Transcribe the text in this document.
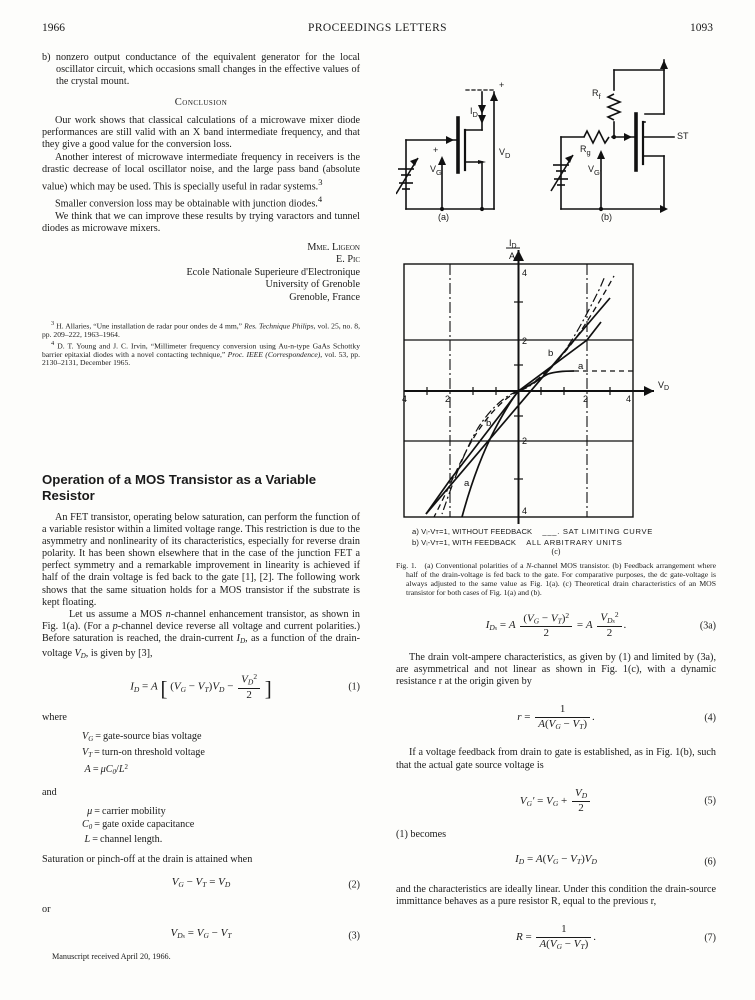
1966	PROCEEDINGS LETTERS	1093

b) nonzero output conductance of the equivalent generator for the local oscillator circuit, which occasions small changes in the effective values of the crystal mount.

Conclusion

Our work shows that classical calculations of a microwave mixer diode performances are still valid with an X band intermediate frequency, and that they give a good value for the conversion loss.

Another interest of microwave intermediate frequency in receivers is the drastic decrease of local oscillator noise, and the large pass band (absolute value) which may be used. This is specially useful in radar systems.$^3$

Smaller conversion loss may be obtainable with junction diodes.$^4$

We think that we can improve these results by trying varactors and tunnel diodes as microwave mixers.

Mme. Ligeon
E. Pic
Ecole Nationale Superieure d'Electronique
University of Grenoble
Grenoble, France

$^3$ H. Allaries, “Une installation de radar pour ondes de 4 mm,” Res. Technique Philips, vol. 25, no. 8, pp. 209–222, 1963–1964.

$^4$ D. T. Young and J. C. Irvin, “Millimeter frequency conversion using Au-n-type GaAs Schottky barrier epitaxial diodes with a novel contacting technique,” Proc. IEEE (Correspondence), vol. 53, pp. 2130–2131, December 1965.

Operation of a MOS Transistor as a Variable Resistor

An FET transistor, operating below saturation, can perform the function of a variable resistor within a limited voltage range. This restriction is due to the asymmetry and nonlinearity of its characteristics, especially for reverse drain polarity. It has been shown elsewhere that in the case of the junction FET a perfect symmetry and a remarkable improvement in linearity is achieved if half of the drain voltage is fed back to the gate [1], [2]. The following work shows that the same situation holds for a MOS transistor if the substrate is kept floating.

Let us assume a MOS n-channel enhancement transistor, as shown in Fig. 1(a). (For a p-channel device reverse all voltage and current polarities.) Before saturation is reached, the drain-current $I_D$, as a function of the drain-voltage $V_D$, is given by [3],

$I_D = A$ [ $(V_G - V_T)V_D - \frac{V_D^2}{2}$ ]	(1)
where
$V_G$ = gate-source bias voltage
$V_T$ = turn-on threshold voltage
$A = \mu C_0/L^2$
and
μ = carrier mobility
$C_0$ = gate oxide capacitance
L = channel length.
Saturation or pinch-off at the drain is attained when
$V_G - V_T = V_D$	(2)
or
$V_{Ds} = V_G - V_T$	(3)
Manuscript received April 20, 1966.
$V_G$
+	$V_D$
+
$I_D$
(a)
$R_f$
$R_g$
$V_{G'}$
ST
(b)
4	2	2	4
4
2
2
4
$V_D$
$I_D$
A
b
a
b
a
a) Vᵢ-Vᴛ=1, WITHOUT FEEDBACK ___. SAT LIMITING CURVE
b) Vᵢ-Vᴛ=1, WITH FEEDBACK ALL ARBITRARY UNITS
(c)
Fig. 1. (a) Conventional polarities of a N-channel MOS transistor. (b) Feedback arrangement where half of the drain-voltage is fed back to the gate. For comparative purposes, the dc gate-voltage is always adjusted to the same value as Fig. 1(a). (c) Theoretical drain characteristics of an MOS transistor for both cases of Fig. 1(a) and (b).
$I_{Ds} = A \frac{(V_G - V_T)^2}{2} = A \frac{V_{Ds}^2}{2}$ .	(3a)

The drain volt-ampere characteristics, as given by (1) and limited by (3a), are asymmetrical and not linear as shown in Fig. 1(c), with a dynamic resistance r at the origin given by

$r = \frac{1}{A(V_G - V_T)}$ .	(4)

If a voltage feedback from drain to gate is established, as in Fig. 1(b), such that the actual gate source voltage is

$V_G' = V_G + \frac{V_D}{2}$	(5)
(1) becomes
$I_D = A(V_G - V_T)V_D$	(6)

and the characteristics are ideally linear. Under this condition the drain-source immittance behaves as a pure resistor R, equal to the previous r,

$R = \frac{1}{A(V_G - V_T)}$ .	(7)
